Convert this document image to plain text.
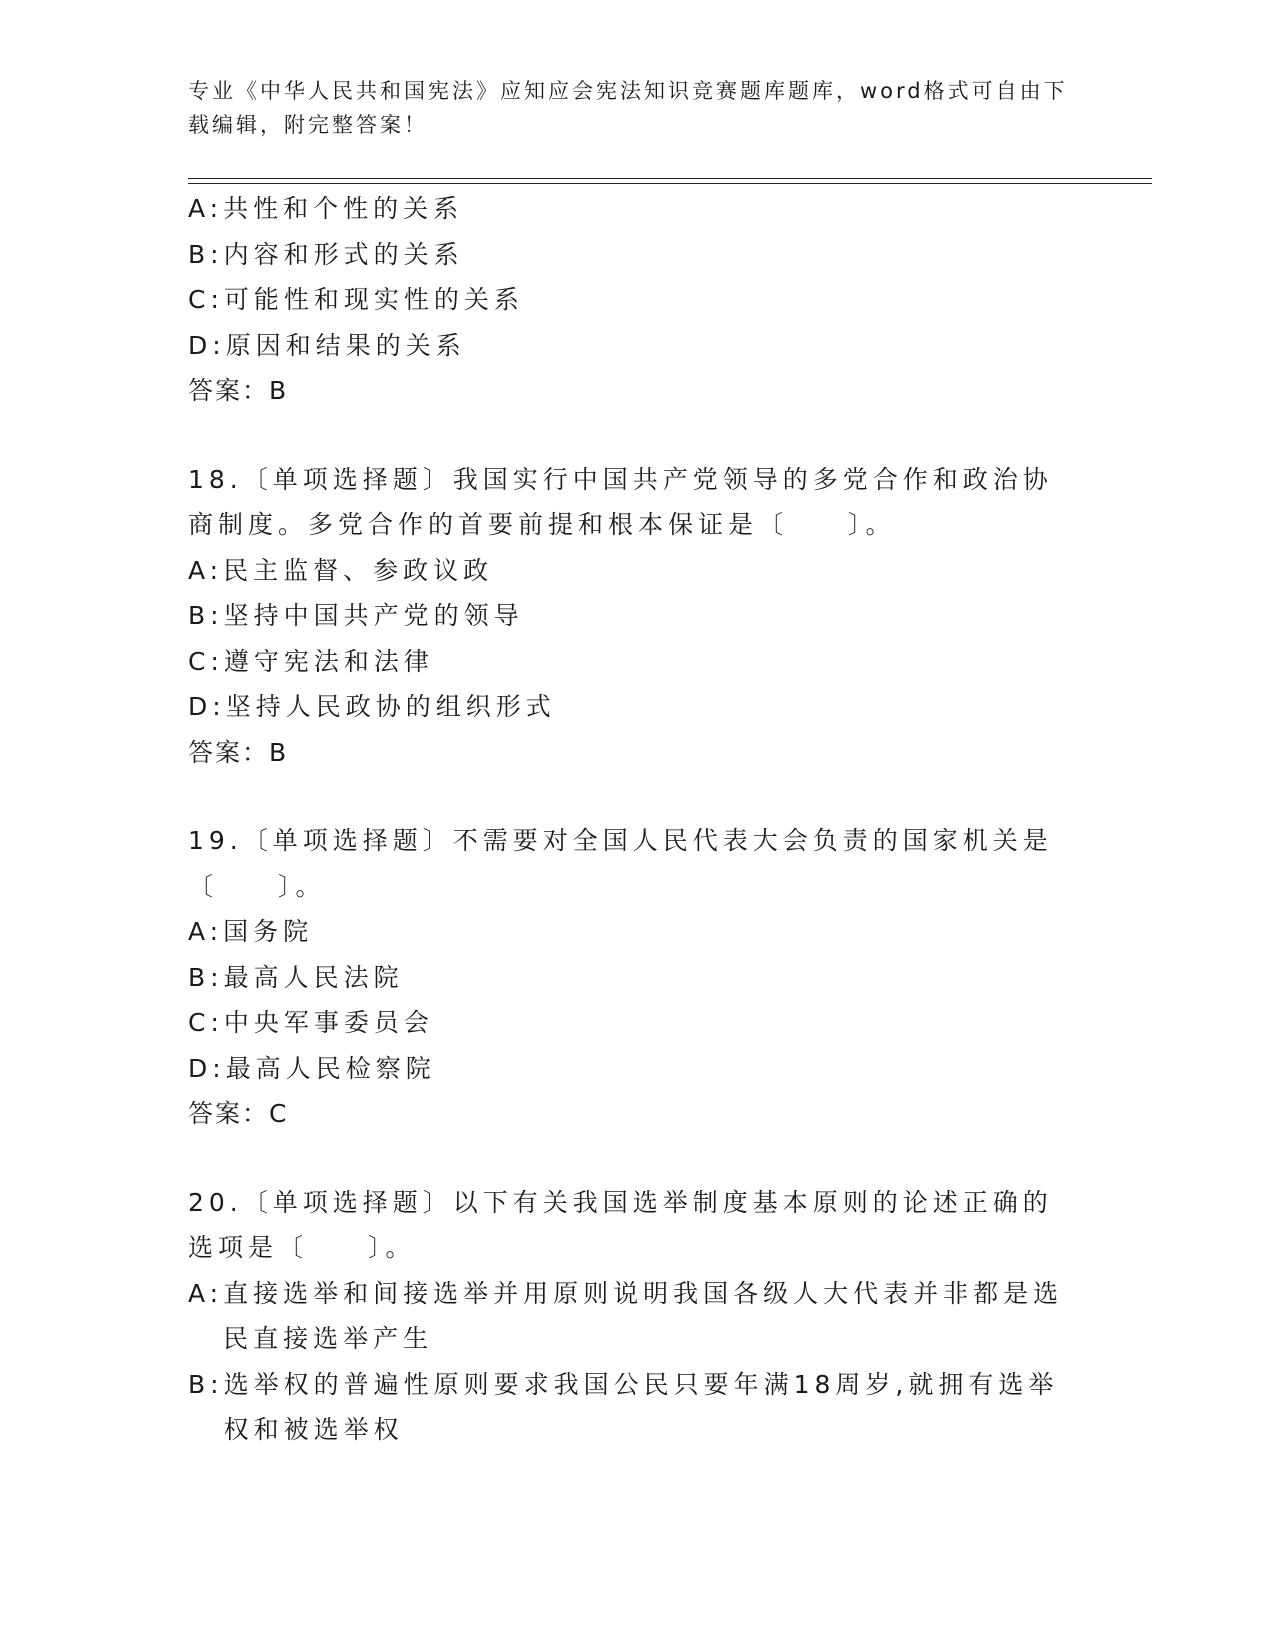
专业《中华人民共和国宪法》应知应会宪法知识竞赛题库题库，word格式可自由下载编辑，附完整答案！
A: 共性和个性的关系
B: 内容和形式的关系
C: 可能性和现实性的关系
D: 原因和结果的关系
答案：B
18.〔单项选择题〕我国实行中国共产党领导的多党合作和政治协商制度。多党合作的首要前提和根本保证是〔　　〕。
A: 民主监督、参政议政
B: 坚持中国共产党的领导
C: 遵守宪法和法律
D: 坚持人民政协的组织形式
答案：B
19.〔单项选择题〕不需要对全国人民代表大会负责的国家机关是〔　　〕。
A: 国务院
B: 最高人民法院
C: 中央军事委员会
D: 最高人民检察院
答案：C
20.〔单项选择题〕以下有关我国选举制度基本原则的论述正确的选项是〔　　〕。
A: 直接选举和间接选举并用原则说明我国各级人大代表并非都是选民直接选举产生
B: 选举权的普遍性原则要求我国公民只要年满18周岁,就拥有选举权和被选举权
